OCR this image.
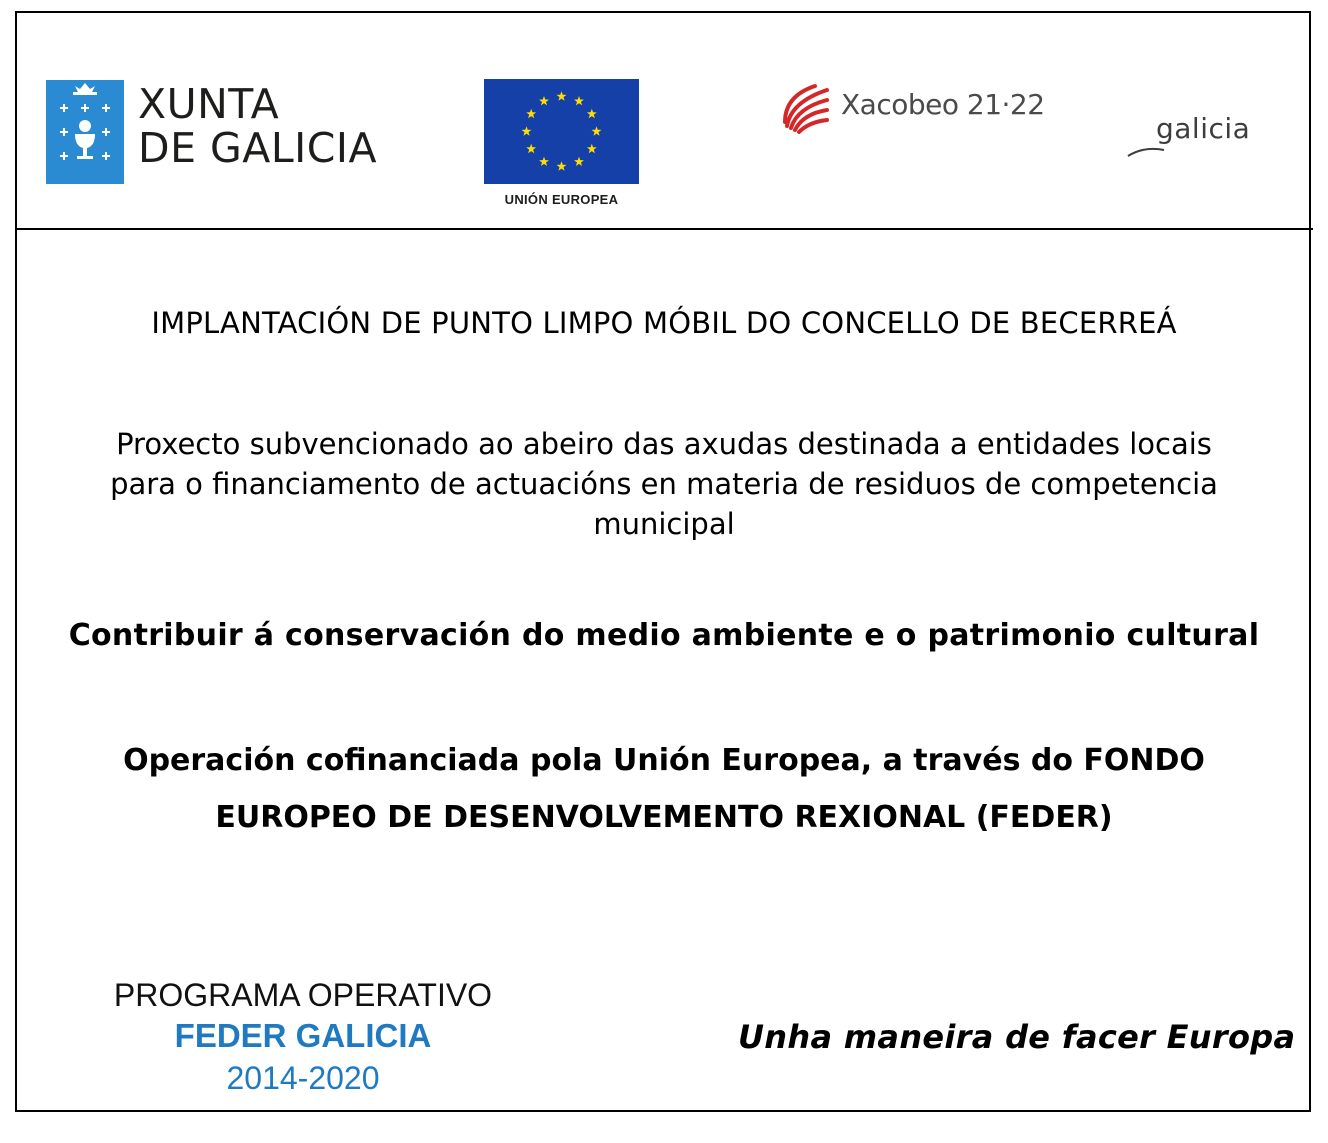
XUNTA
DE GALICIA
UNIÓN EUROPEA
Xacobeo 21·22
galicia
IMPLANTACIÓN DE PUNTO LIMPO MÓBIL DO CONCELLO DE BECERREÁ
Proxecto subvencionado ao abeiro das axudas destinada a entidades locais
para o financiamento de actuacións en materia de residuos de competencia
municipal
Contribuir á conservación do medio ambiente e o patrimonio cultural
Operación cofinanciada pola Unión Europea, a través do FONDO
EUROPEO DE DESENVOLVEMENTO REXIONAL (FEDER)
PROGRAMA OPERATIVO
FEDER GALICIA
2014-2020
Unha maneira de facer Europa
